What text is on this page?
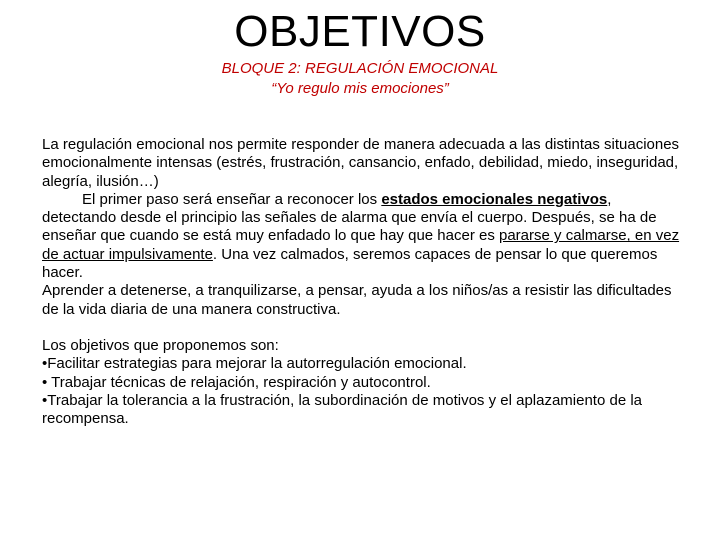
OBJETIVOS
BLOQUE 2: REGULACIÓN EMOCIONAL
“Yo regulo mis emociones”

La regulación emocional nos permite responder de manera adecuada a las distintas situaciones emocionalmente intensas (estrés, frustración, cansancio, enfado, debilidad, miedo, inseguridad, alegría, ilusión…)

El primer paso será enseñar a reconocer los estados emocionales negativos, detectando desde el principio las señales de alarma que envía el cuerpo. Después, se ha de enseñar que cuando se está muy enfadado lo que hay que hacer es pararse y calmarse, en vez de actuar impulsivamente. Una vez calmados, seremos capaces de pensar lo que queremos hacer.

Aprender a detenerse, a tranquilizarse, a pensar, ayuda a los niños/as a resistir las dificultades de la vida diaria de una manera constructiva.

Los objetivos que proponemos son:

•Facilitar estrategias para mejorar la autorregulación emocional.

• Trabajar técnicas de relajación, respiración y autocontrol.

•Trabajar la tolerancia a la frustración, la subordinación de motivos y el aplazamiento de la recompensa.
